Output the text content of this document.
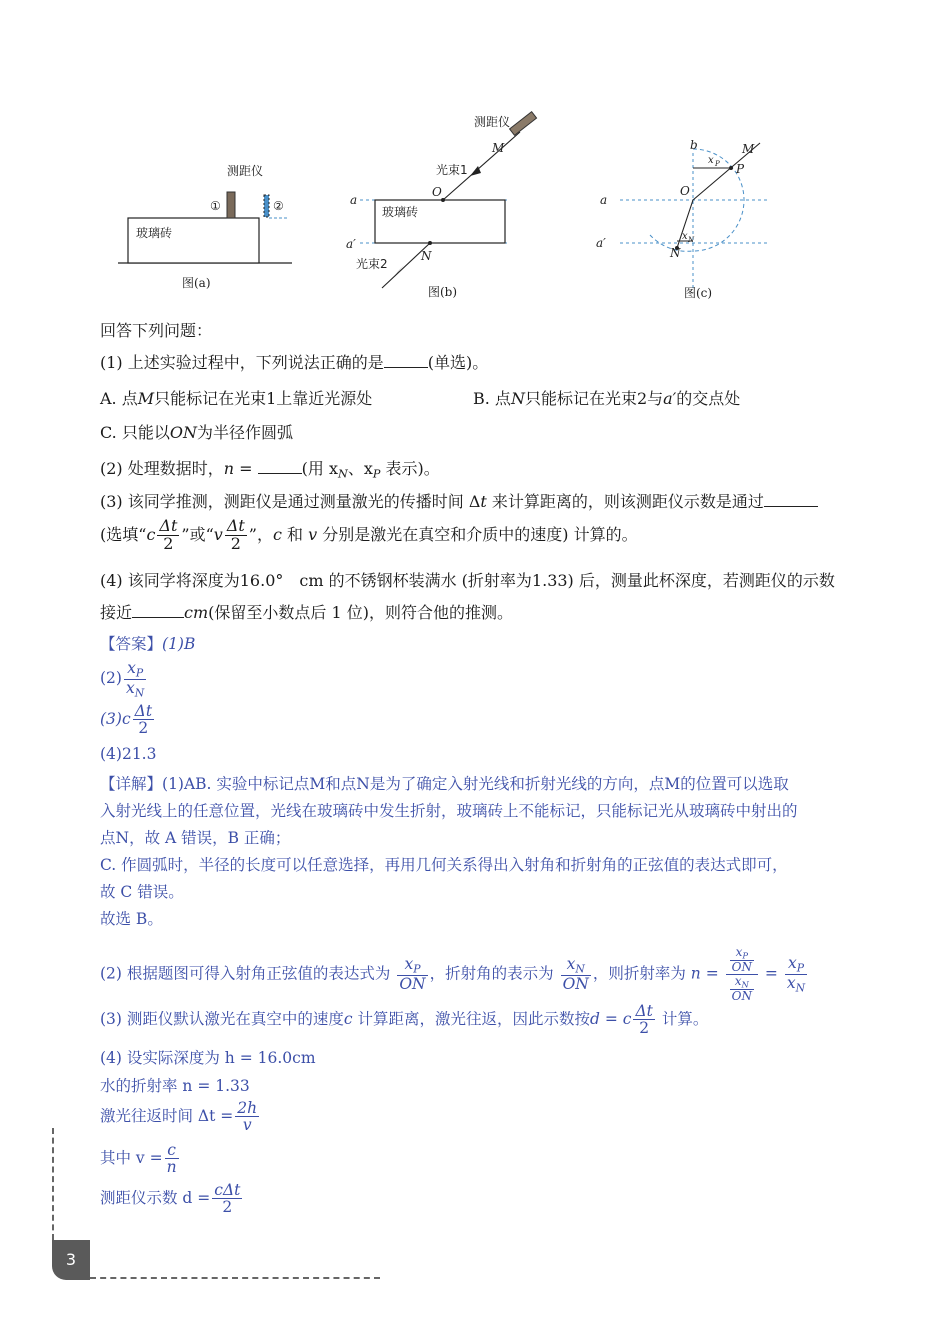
测距仪
①	②
玻璃砖
图(a)
测距仪
M
光束1
O
玻璃砖
a
a′
N
光束2
图(b)
b	M
x P P
O
a
a′	x N
N
图(c)
回答下列问题：
(1) 上述实验过程中，下列说法正确的是	(单选)。
A. 点M只能标记在光束1上靠近光源处	B. 点N只能标记在光束2与a′的交点处
C. 只能以ON为半径作圆弧
(2) 处理数据时，n =	(用 $x_N$、$x_P$ 表示)。
(3) 该同学推测，测距仪是通过测量激光的传播时间 Δt 来计算距离的，则该测距仪示数是通过
(选填“$c \frac{\Delta t}{2}$ ”或“$v \frac{\Delta t}{2}$ ”，c 和 v 分别是激光在真空和介质中的速度) 计算的。
(4) 该同学将深度为16.0°　cm 的不锈钢杯装满水 (折射率为1.33) 后，测量此杯深度，若测距仪的示数
接近	cm(保留至小数点后 1 位)，则符合他的推测。
【答案】(1)B
$(2) \frac{x_P}{x_N}$
$(3)c \frac{\Delta t}{2}$
(4)21.3
【详解】(1)AB. 实验中标记点M和点N是为了确定入射光线和折射光线的方向，点M的位置可以选取
入射光线上的任意位置，光线在玻璃砖中发生折射，玻璃砖上不能标记，只能标记光从玻璃砖中射出的
点N，故 A 错误，B 正确；
C. 作圆弧时，半径的长度可以任意选择，再用几何关系得出入射角和折射角的正弦值的表达式即可，
故 C 错误。
故选 B。
(2) 根据题图可得入射角正弦值的表达式为 $\frac{x_P}{ON}$ ，折射角的表示为 $\frac{x_N}{ON}$ ，则折射率为 $n = \frac{\frac{x_P}{ON}}{\frac{x_N}{ON}} = \frac{x_P}{x_N}$
(3) 测距仪默认激光在真空中的速度c 计算距离，激光往返，因此示数按d = c $\frac{\Delta t}{2}$ 计算。
(4) 设实际深度为 h = 16.0cm
水的折射率 n = 1.33
激光往返时间 $\Delta t = \frac{2h}{v}$
其中 $v = \frac{c}{n}$
测距仪示数 $d = \frac{\text{cΔt}}{2}$
3
